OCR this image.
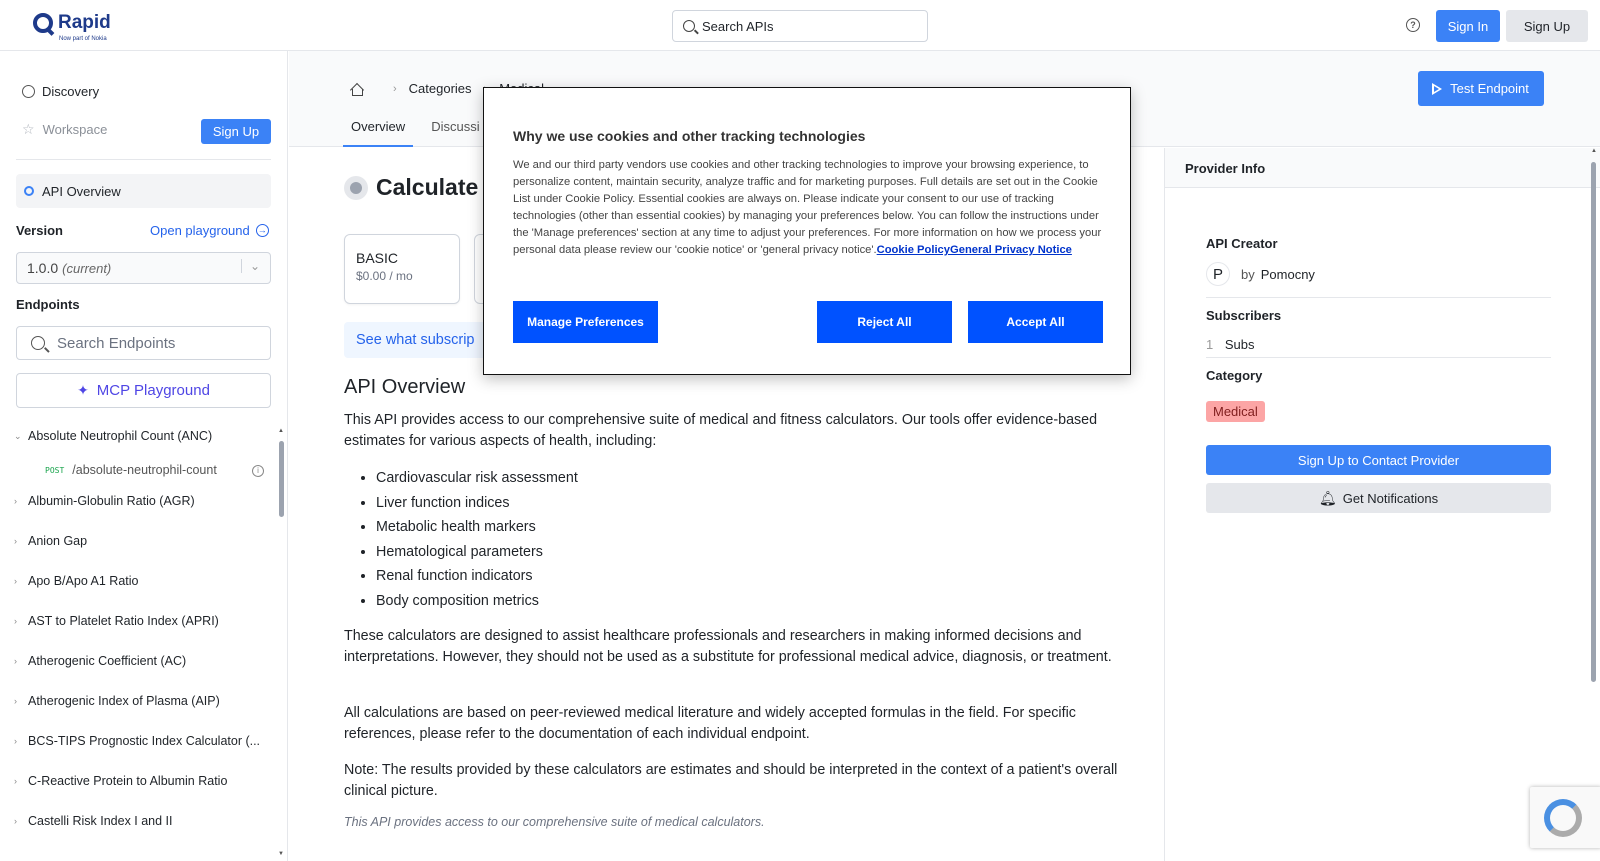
Rapid
Now part of Nokia
Search APIs	?	Sign In	Sign Up
Discovery
☆ Workspace	Sign Up
API Overview
Version	Open playground →
1.0.0 (current)	⌄
Endpoints
Search Endpoints
✦ MCP Playground
⌄ Absolute Neutrophil Count (ANC)
POST /absolute-neutrophil-count	i
› Albumin-Globulin Ratio (AGR)
› Anion Gap
› Apo B/Apo A1 Ratio
› AST to Platelet Ratio Index (APRI)
› Atherogenic Coefficient (AC)
› Atherogenic Index of Plasma (AIP)
› BCS-TIPS Prognostic Index Calculator (...
› C-Reactive Protein to Albumin Ratio
› Castelli Risk Index I and II
▲
▼
› Categories
Overview	Discussi
Test Endpoint
Calculate
BASIC
$0.00 / mo
See what subscrip
API Overview
This API provides access to our comprehensive suite of medical and fitness calculators. Our tools offer evidence-based estimates for various aspects of health, including:
• Cardiovascular risk assessment
• Liver function indices
• Metabolic health markers
• Hematological parameters
• Renal function indicators
• Body composition metrics
These calculators are designed to assist healthcare professionals and researchers in making informed decisions and interpretations. However, they should not be used as a substitute for professional medical advice, diagnosis, or treatment.
All calculations are based on peer-reviewed medical literature and widely accepted formulas in the field. For specific references, please refer to the documentation of each individual endpoint.
Note: The results provided by these calculators are estimates and should be interpreted in the context of a patient's overall clinical picture.
This API provides access to our comprehensive suite of medical calculators.
Provider Info
API Creator
P	by Pomocny
Subscribers
1 Subs
Category
Medical
Sign Up to Contact Provider
🔔︎ Get Notifications
▲
Why we use cookies and other tracking technologies
We and our third party vendors use cookies and other tracking technologies to improve your browsing experience, to personalize content, maintain security, analyze traffic and for marketing purposes. Full details are set out in the Cookie List under Cookie Policy. Essential cookies are always on. Please indicate your consent to our use of tracking technologies (other than essential cookies) by managing your preferences below. You can follow the instructions under the 'Manage preferences' section at any time to adjust your preferences. For more information on how we process your personal data please review our 'cookie notice' or 'general privacy notice'.Cookie PolicyGeneral Privacy Notice
Manage Preferences	Reject All	Accept All
